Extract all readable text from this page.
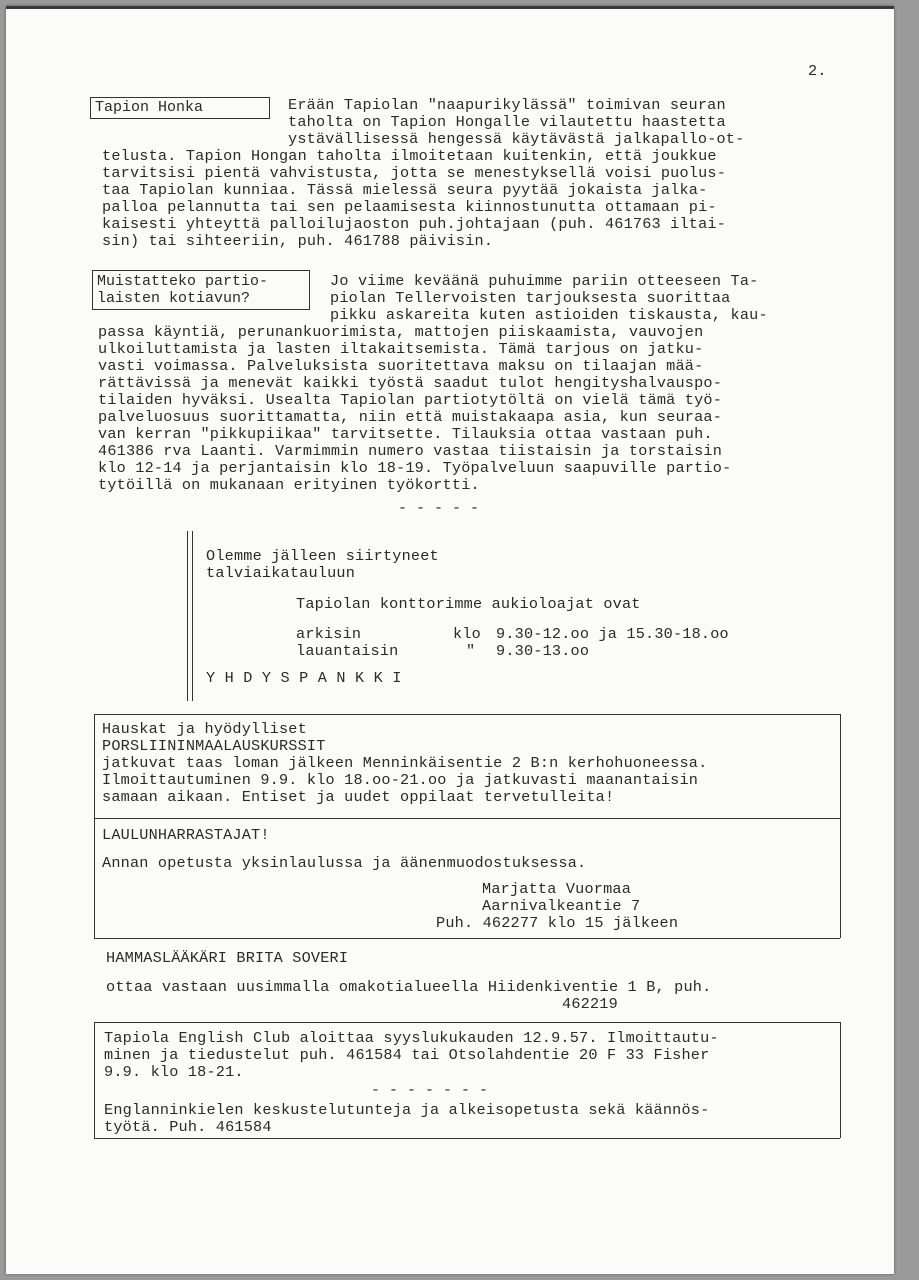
2.
Tapion Honka	Erään Tapiolan "naapurikylässä" toimivan seuran
taholta on Tapion Hongalle vilautettu haastetta
ystävällisessä hengessä käytävästä jalkapallo-ot-
telusta. Tapion Hongan taholta ilmoitetaan kuitenkin, että joukkue
tarvitsisi pientä vahvistusta, jotta se menestyksellä voisi puolus-
taa Tapiolan kunniaa. Tässä mielessä seura pyytää jokaista jalka-
palloa pelannutta tai sen pelaamisesta kiinnostunutta ottamaan pi-
kaisesti yhteyttä palloilujaoston puh.johtajaan (puh. 461763 iltai-
sin) tai sihteeriin, puh. 461788 päivisin.
Muistatteko partio-
laisten kotiavun?
Jo viime keväänä puhuimme pariin otteeseen Ta-
piolan Tellervoisten tarjouksesta suorittaa
pikku askareita kuten astioiden tiskausta, kau-
passa käyntiä, perunankuorimista, mattojen piiskaamista, vauvojen
ulkoiluttamista ja lasten iltakaitsemista. Tämä tarjous on jatku-
vasti voimassa. Palveluksista suoritettava maksu on tilaajan mää-
rättävissä ja menevät kaikki työstä saadut tulot hengityshalvauspo-
tilaiden hyväksi. Usealta Tapiolan partiotytöltä on vielä tämä työ-
palveluosuus suorittamatta, niin että muistakaapa asia, kun seuraa-
van kerran "pikkupiikaa" tarvitsette. Tilauksia ottaa vastaan puh.
461386 rva Laanti. Varmimmin numero vastaa tiistaisin ja torstaisin
klo 12-14 ja perjantaisin klo 18-19. Työpalveluun saapuville partio-
tytöillä on mukanaan erityinen työkortti.
- - - - -
Olemme jälleen siirtyneet
talviaikatauluun
Tapiolan konttorimme aukioloajat ovat
arkisin	klo 9.30-12.oo ja 15.30-18.oo
lauantaisin	" 9.30-13.oo
Y H D Y S P A N K K I
Hauskat ja hyödylliset
PORSLIININMAALAUSKURSSIT
jatkuvat taas loman jälkeen Menninkäisentie 2 B:n kerhohuoneessa.
Ilmoittautuminen 9.9. klo 18.oo-21.oo ja jatkuvasti maanantaisin
samaan aikaan. Entiset ja uudet oppilaat tervetulleita!
LAULUNHARRASTAJAT!
Annan opetusta yksinlaulussa ja äänenmuodostuksessa.
Marjatta Vuormaa
Aarnivalkeantie 7
Puh. 462277 klo 15 jälkeen
HAMMASLÄÄKÄRI BRITA SOVERI
ottaa vastaan uusimmalla omakotialueella Hiidenkiventie 1 B, puh.
462219
Tapiola English Club aloittaa syyslukukauden 12.9.57. Ilmoittautu-
minen ja tiedustelut puh. 461584 tai Otsolahdentie 20 F 33 Fisher
9.9. klo 18-21.
- - - - - - -
Englanninkielen keskustelutunteja ja alkeisopetusta sekä käännös-
työtä. Puh. 461584
